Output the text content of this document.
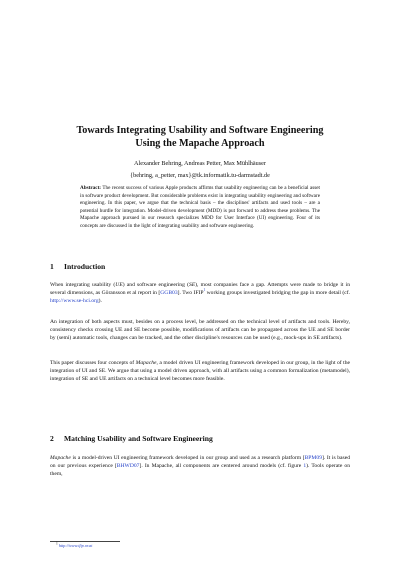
Towards Integrating Usability and Software Engineering
Using the Mapache Approach
Alexander Behring, Andreas Petter, Max Mühlhäuser
{behring, a_petter, max}@tk.informatik.tu-darmstadt.de
Abstract: The recent success of various Apple products affirms that usability engineering can be a beneficial asset in software product development. But considerable problems exist in integrating usability engineering and software engineering. In this paper, we argue that the technical basis – the disciplines' artifacts and used tools – are a potential hurdle for integration. Model-driven development (MDD) is put forward to address these problems. The Mapache approach pursued in our research specializes MDD for User Interface (UI) engineering. Four of its concepts are discussed in the light of integrating usability and software engineering.
1 Introduction
When integrating usability (UE) and software engineering (SE), most companies face a gap. Attempts were made to bridge it in several dimensions, as Göransson et al report in [GGB03]. Two IFIP$^1$ working groups investigated bridging the gap in more detail (cf. http://www.se-hci.org).
An integration of both aspects must, besides on a process level, be addressed on the technical level of artifacts and tools. Hereby, consistency checks crossing UE and SE become possible, modifications of artifacts can be propagated across the UE and SE border by (semi) automatic tools, changes can be tracked, and the other discipline's resources can be used (e.g., mock-ups in SE artifacts).
This paper discusses four concepts of Mapache, a model driven UI engineering framework developed in our group, in the light of the integration of UI and SE. We argue that using a model driven approach, with all artifacts using a common formalization (metamodel), integration of SE and UE artifacts on a technical level becomes more feasible.
2 Matching Usability and Software Engineering
Mapache is a model-driven UI engineering framework developed in our group and used as a research platform [BPM09]. It is based on our previous experience [BHWD07]. In Mapache, all components are centered around models (cf. figure 1). Tools operate on them,
1 http://www.ifip.or.at
